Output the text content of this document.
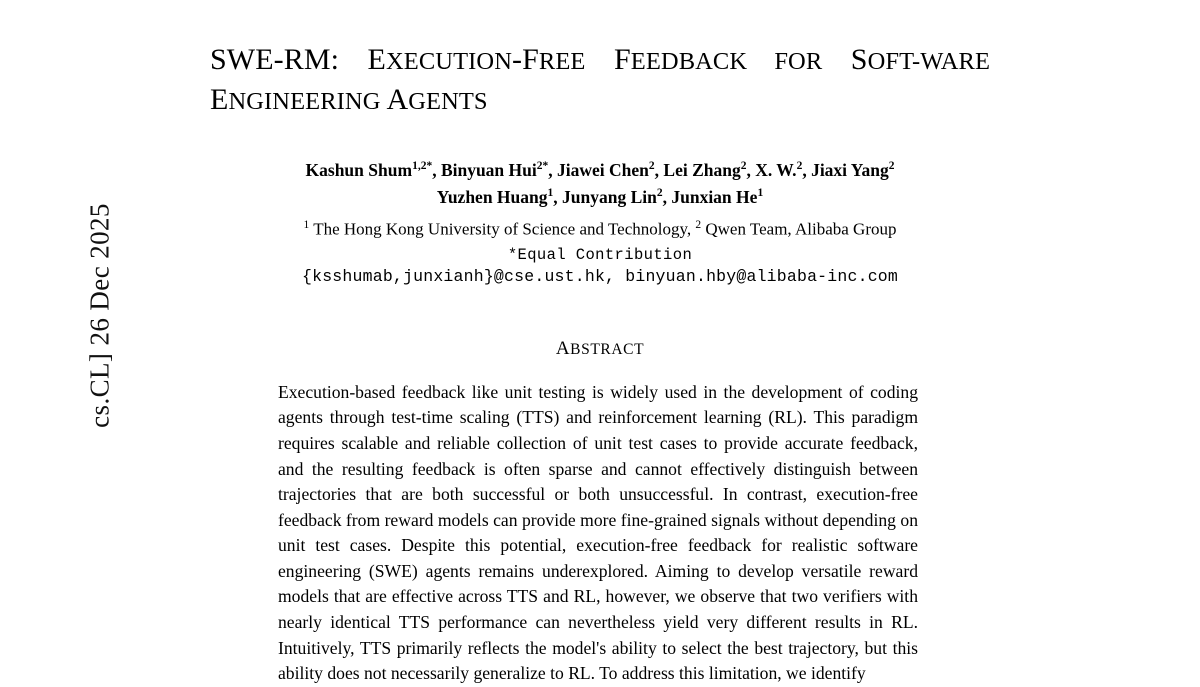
cs.CL] 26 Dec 2025
SWE-RM: EXECUTION-FREE FEEDBACK FOR SOFT-WARE ENGINEERING AGENTS
Kashun Shum$^{1,2*}$, Binyuan Hui$^{2*}$, Jiawei Chen$^2$, Lei Zhang$^2$, X. W.$^2$, Jiaxi Yang$^2$
Yuzhen Huang$^1$, Junyang Lin$^2$, Junxian He$^1$
$^1$ The Hong Kong University of Science and Technology, $^2$ Qwen Team, Alibaba Group
*Equal Contribution
{ksshumab,junxianh}@cse.ust.hk, binyuan.hby@alibaba-inc.com
ABSTRACT
Execution-based feedback like unit testing is widely used in the development of coding agents through test-time scaling (TTS) and reinforcement learning (RL). This paradigm requires scalable and reliable collection of unit test cases to provide accurate feedback, and the resulting feedback is often sparse and cannot effectively distinguish between trajectories that are both successful or both unsuccessful. In contrast, execution-free feedback from reward models can provide more fine-grained signals without depending on unit test cases. Despite this potential, execution-free feedback for realistic software engineering (SWE) agents remains underexplored. Aiming to develop versatile reward models that are effective across TTS and RL, however, we observe that two verifiers with nearly identical TTS performance can nevertheless yield very different results in RL. Intuitively, TTS primarily reflects the model's ability to select the best trajectory, but this ability does not necessarily generalize to RL. To address this limitation, we identify
